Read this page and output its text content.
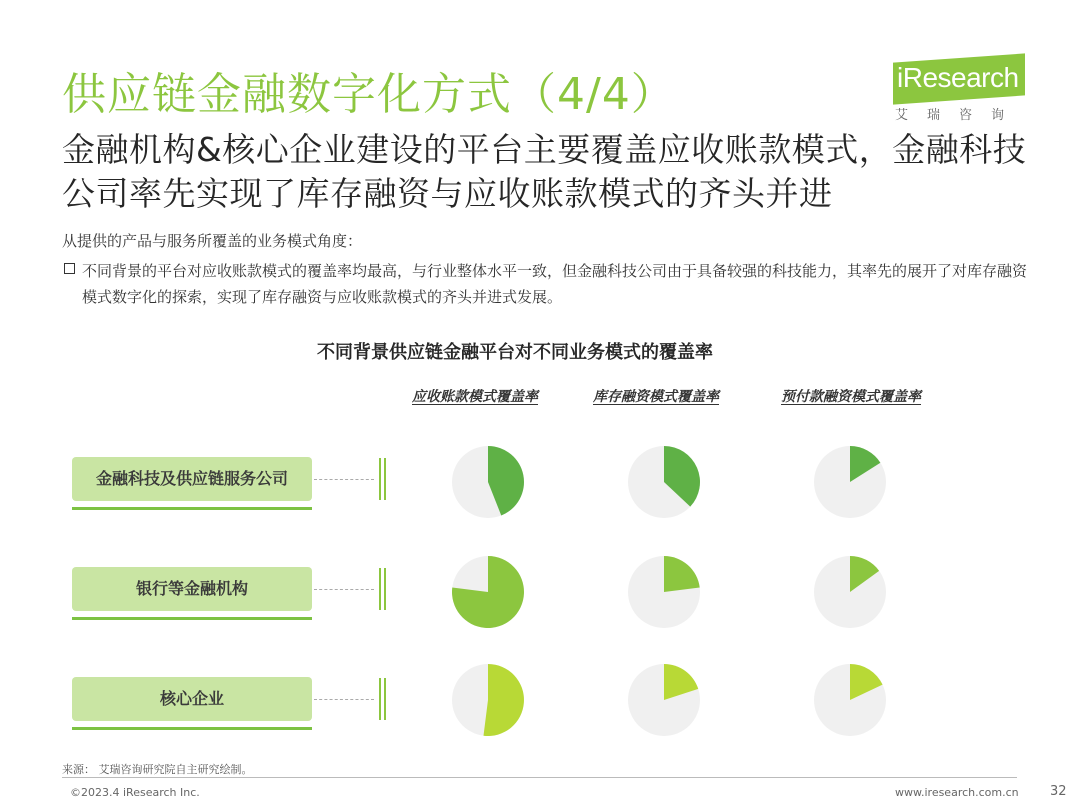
供应链金融数字化方式（4/4）	iResearch
艾瑞咨询
金融机构&核心企业建设的平台主要覆盖应收账款模式，金融科技公司率先实现了库存融资与应收账款模式的齐头并进
从提供的产品与服务所覆盖的业务模式角度：
不同背景的平台对应收账款模式的覆盖率均最高，与行业整体水平一致，但金融科技公司由于具备较强的科技能力，其率先的展开了对库存融资模式数字化的探索，实现了库存融资与应收账款模式的齐头并进式发展。
不同背景供应链金融平台对不同业务模式的覆盖率
应收账款模式覆盖率	库存融资模式覆盖率	预付款融资模式覆盖率
金融科技及供应链服务公司
银行等金融机构
核心企业
来源： 艾瑞咨询研究院自主研究绘制。
©2023.4 iResearch Inc.	www.iresearch.com.cn 32
